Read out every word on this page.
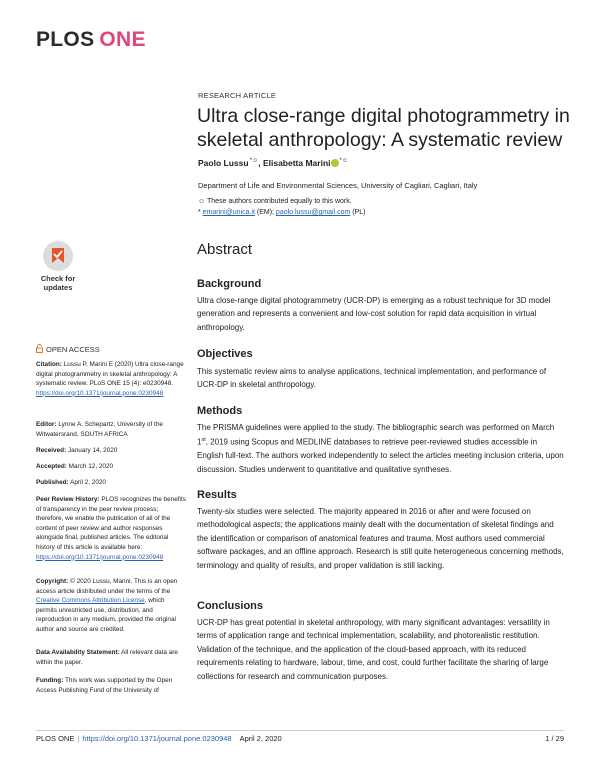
PLOS ONE
RESEARCH ARTICLE
Ultra close-range digital photogrammetry in skeletal anthropology: A systematic review
Paolo Lussu *☺, Elisabetta Marini *☺
Department of Life and Environmental Sciences, University of Cagliari, Cagliari, Italy
☺ These authors contributed equally to this work.
* emarini@unica.it (EM); paolo.lussu@gmail.com (PL)
Check for
updates
OPEN ACCESS
Citation: Lussu P, Marini E (2020) Ultra close-range digital photogrammetry in skeletal anthropology: A systematic review. PLoS ONE 15 (4): e0230948. https://doi.org/10.1371/journal.pone.0230948
Editor: Lynne A. Schepartz, University of the Witwatersrand, SOUTH AFRICA
Received: January 14, 2020
Accepted: March 12, 2020
Published: April 2, 2020
Peer Review History: PLOS recognizes the benefits of transparency in the peer review process; therefore, we enable the publication of all of the content of peer review and author responses alongside final, published articles. The editorial history of this article is available here: https://doi.org/10.1371/journal.pone.0230948
Copyright: © 2020 Lussu, Marini. This is an open access article distributed under the terms of the Creative Commons Attribution License, which permits unrestricted use, distribution, and reproduction in any medium, provided the original author and source are credited.
Data Availability Statement: All relevant data are within the paper.
Funding: This work was supported by the Open Access Publishing Fund of the University of
Abstract
Background
Ultra close-range digital photogrammetry (UCR-DP) is emerging as a robust technique for 3D model generation and represents a convenient and low-cost solution for rapid data acquisition in virtual anthropology.
Objectives
This systematic review aims to analyse applications, technical implementation, and performance of UCR-DP in skeletal anthropology.
Methods
The PRISMA guidelines were applied to the study. The bibliographic search was performed on March 1st, 2019 using Scopus and MEDLINE databases to retrieve peer-reviewed studies accessible in English full-text. The authors worked independently to select the articles meeting inclusion criteria, upon discussion. Studies underwent to quantitative and qualitative syntheses.
Results
Twenty-six studies were selected. The majority appeared in 2016 or after and were focused on methodological aspects; the applications mainly dealt with the documentation of skeletal findings and the identification or comparison of anatomical features and trauma. Most authors used commercial software packages, and an offline approach. Research is still quite heterogeneous concerning methods, terminology and quality of results, and proper validation is still lacking.
Conclusions
UCR-DP has great potential in skeletal anthropology, with many significant advantages: versatility in terms of application range and technical implementation, scalability, and photorealistic restitution. Validation of the technique, and the application of the cloud-based approach, with its reduced requirements relating to hardware, labour, time, and cost, could further facilitate the sharing of large collections for research and communication purposes.
PLOS ONE | https://doi.org/10.1371/journal.pone.0230948 April 2, 2020	1 / 29
